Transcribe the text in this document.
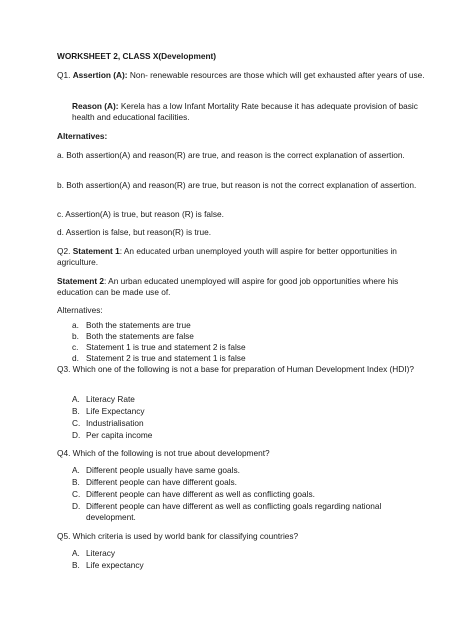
WORKSHEET 2, CLASS X(Development)

Q1. Assertion (A): Non- renewable resources are those which will get exhausted after years of use.

Reason (A): Kerela has a low Infant Mortality Rate because it has adequate provision of basic health and educational facilities.

Alternatives:

a. Both assertion(A) and reason(R) are true, and reason is the correct explanation of assertion.

b. Both assertion(A) and reason(R) are true, but reason is not the correct explanation of assertion.

c. Assertion(A) is true, but reason (R) is false.

d. Assertion is false, but reason(R) is true.

Q2. Statement 1: An educated urban unemployed youth will aspire for better opportunities in agriculture.

Statement 2: An urban educated unemployed will aspire for good job opportunities where his education can be made use of.

Alternatives:

a. Both the statements are true
b. Both the statements are false
c. Statement 1 is true and statement 2 is false
d. Statement 2 is true and statement 1 is false

Q3. Which one of the following is not a base for preparation of Human Development Index (HDI)?

A. Literacy Rate
B. Life Expectancy
C. Industrialisation
D. Per capita income

Q4. Which of the following is not true about development?

A. Different people usually have same goals.
B. Different people can have different goals.
C. Different people can have different as well as conflicting goals.
D. Different people can have different as well as conflicting goals regarding national development.

Q5. Which criteria is used by world bank for classifying countries?

A. Literacy
B. Life expectancy
